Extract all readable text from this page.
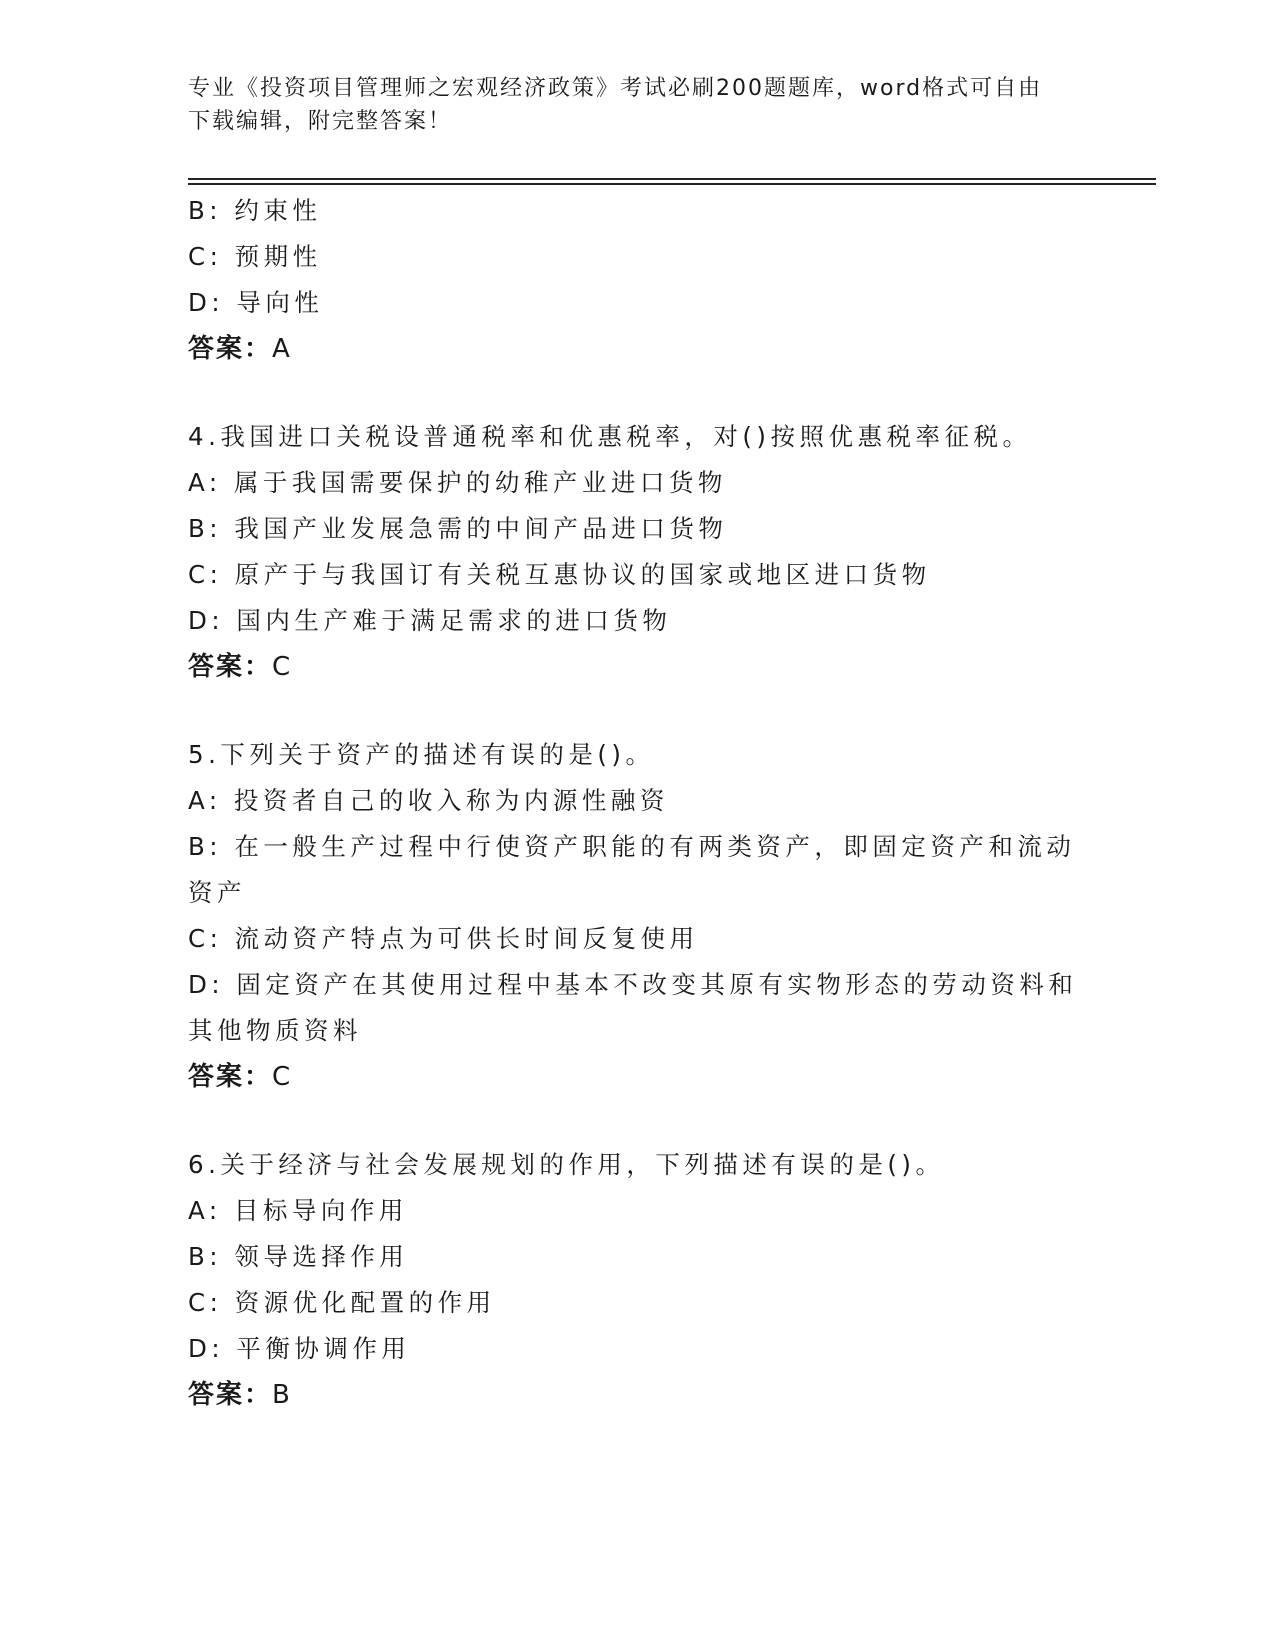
专业《投资项目管理师之宏观经济政策》考试必刷200题题库，word格式可自由
下载编辑，附完整答案！
B: 约束性
C: 预期性
D: 导向性
答案：A
4.我国进口关税设普通税率和优惠税率，对()按照优惠税率征税。
A: 属于我国需要保护的幼稚产业进口货物
B: 我国产业发展急需的中间产品进口货物
C: 原产于与我国订有关税互惠协议的国家或地区进口货物
D: 国内生产难于满足需求的进口货物
答案：C
5.下列关于资产的描述有误的是()。
A: 投资者自己的收入称为内源性融资
B: 在一般生产过程中行使资产职能的有两类资产，即固定资产和流动资产
C: 流动资产特点为可供长时间反复使用
D: 固定资产在其使用过程中基本不改变其原有实物形态的劳动资料和其他物质资料
答案：C
6.关于经济与社会发展规划的作用，下列描述有误的是()。
A: 目标导向作用
B: 领导选择作用
C: 资源优化配置的作用
D: 平衡协调作用
答案：B
